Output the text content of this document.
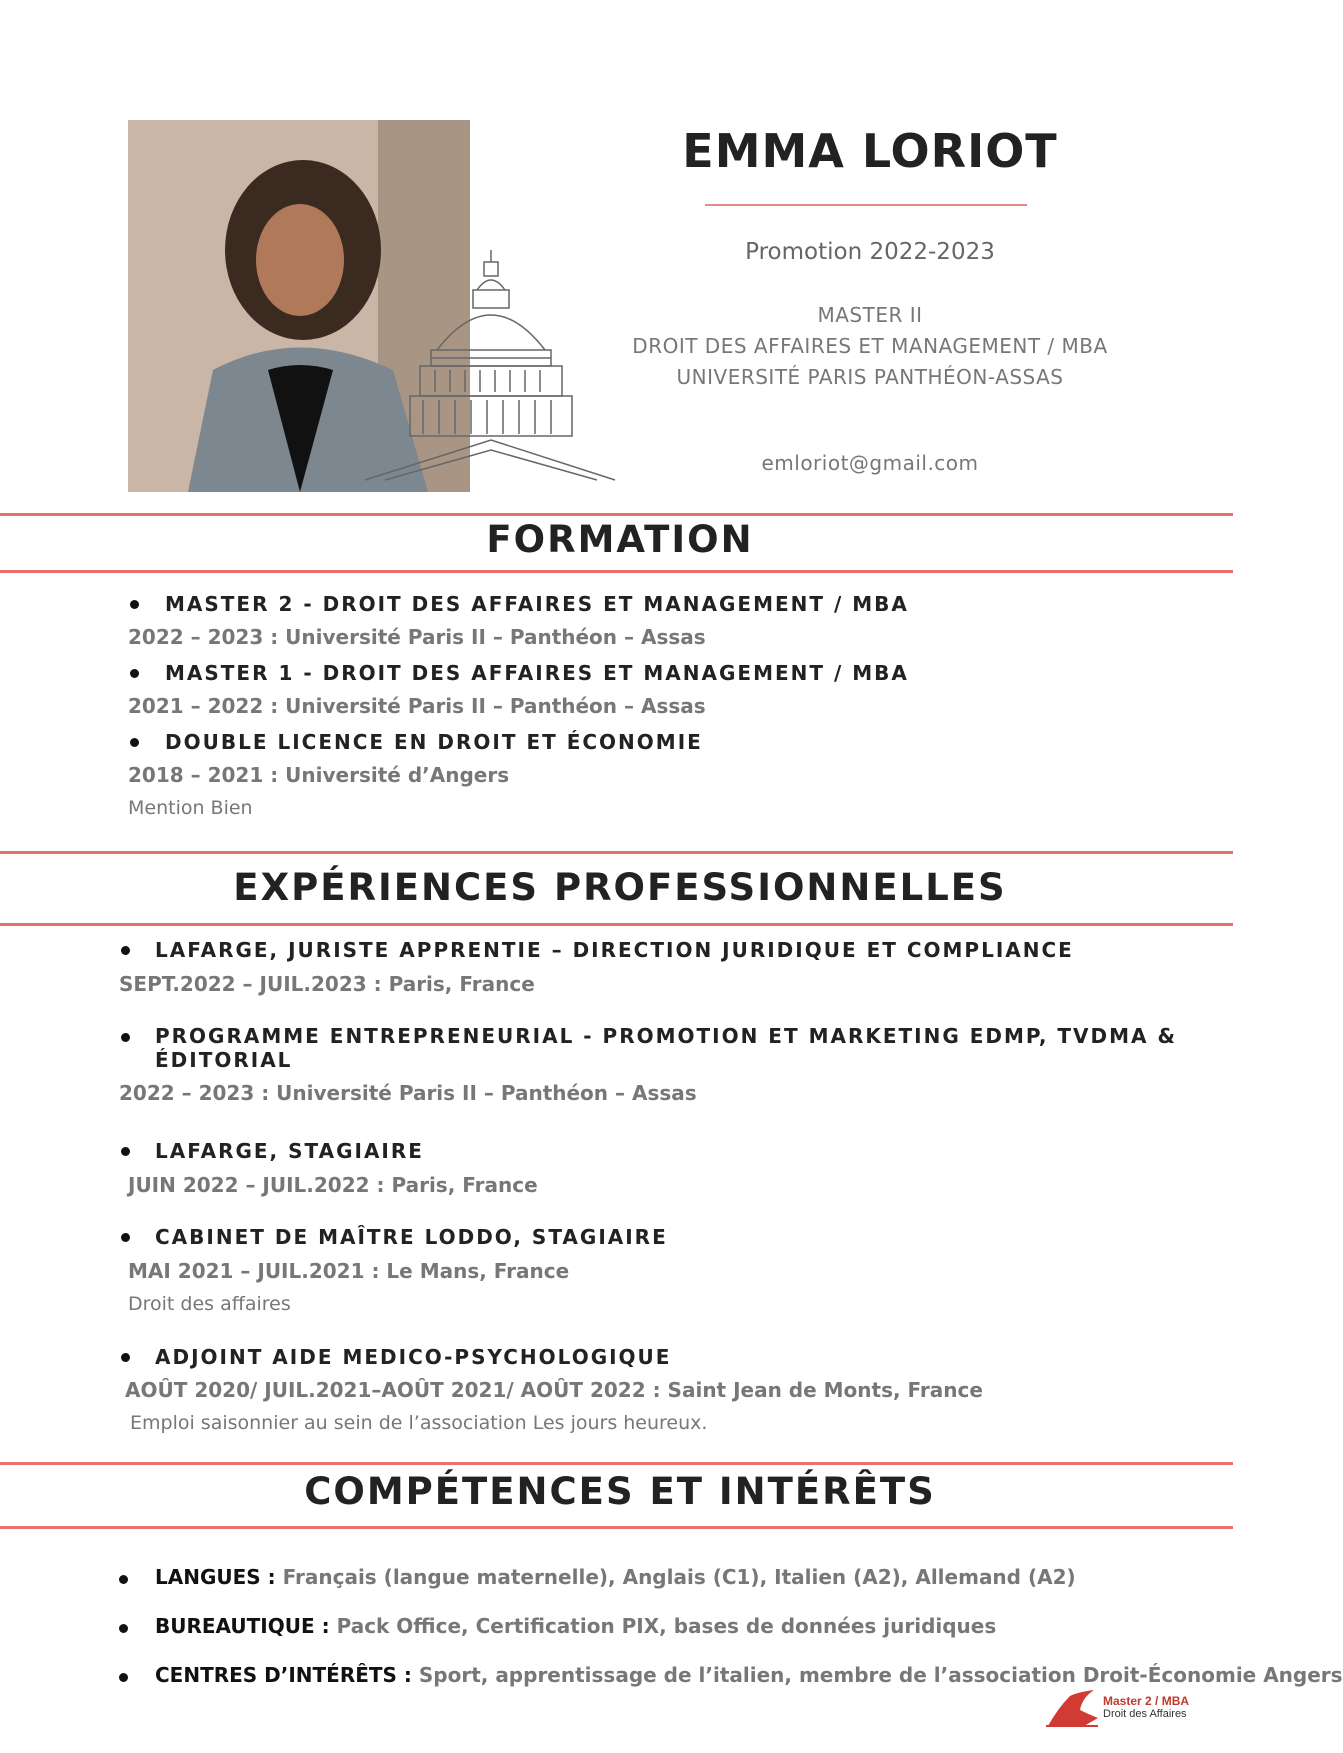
EMMA LORIOT
Promotion 2022-2023
MASTER II
DROIT DES AFFAIRES ET MANAGEMENT / MBA
UNIVERSITÉ PARIS PANTHÉON-ASSAS
emloriot@gmail.com
FORMATION
MASTER 2 - DROIT DES AFFAIRES ET MANAGEMENT / MBA
2022 – 2023 : Université Paris II – Panthéon – Assas
MASTER 1 - DROIT DES AFFAIRES ET MANAGEMENT / MBA
2021 – 2022 : Université Paris II – Panthéon – Assas
DOUBLE LICENCE EN DROIT ET ÉCONOMIE
2018 – 2021 : Université d’Angers
Mention Bien
EXPÉRIENCES PROFESSIONNELLES
LAFARGE, JURISTE APPRENTIE – DIRECTION JURIDIQUE ET COMPLIANCE
SEPT.2022 – JUIL.2023 : Paris, France
PROGRAMME ENTREPRENEURIAL - PROMOTION ET MARKETING EDMP, TVDMA &
ÉDITORIAL
2022 – 2023 : Université Paris II – Panthéon – Assas
LAFARGE, STAGIAIRE
JUIN 2022 – JUIL.2022 : Paris, France
CABINET DE MAÎTRE LODDO, STAGIAIRE
MAI 2021 – JUIL.2021 : Le Mans, France
Droit des affaires
ADJOINT AIDE MEDICO-PSYCHOLOGIQUE
AOÛT 2020/ JUIL.2021–AOÛT 2021/ AOÛT 2022 : Saint Jean de Monts, France
Emploi saisonnier au sein de l’association Les jours heureux.
COMPÉTENCES ET INTÉRÊTS
LANGUES : Français (langue maternelle), Anglais (C1), Italien (A2), Allemand (A2)
BUREAUTIQUE : Pack Office, Certification PIX, bases de données juridiques
CENTRES D’INTÉRÊTS : Sport, apprentissage de l’italien, membre de l’association Droit-Économie Angers
Master 2 / MBA
Droit des Affaires
